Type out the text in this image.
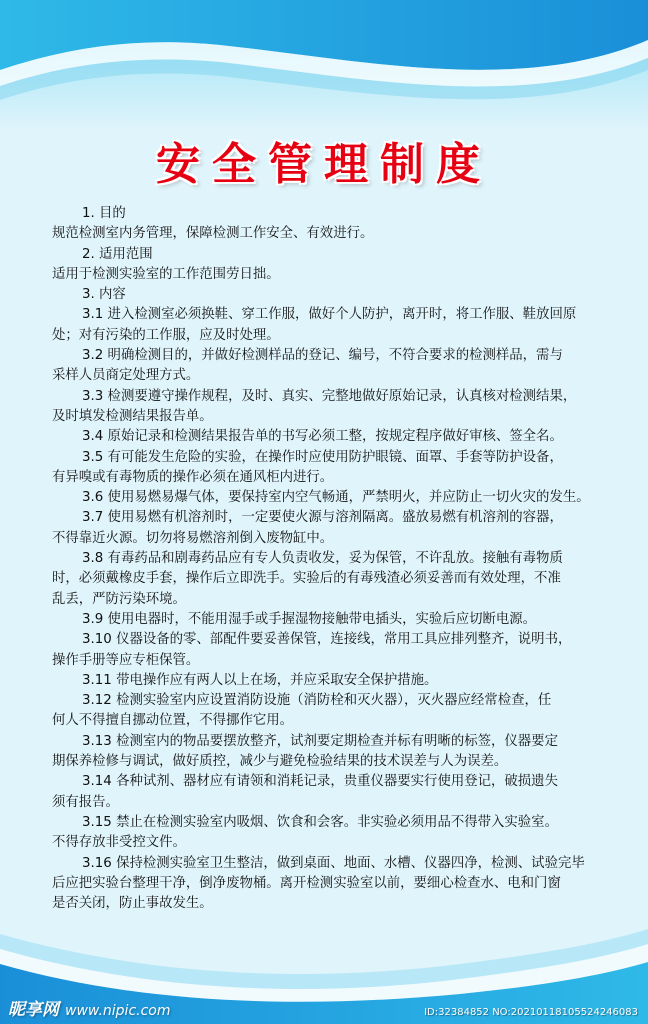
安全管理制度
1. 目的
规范检测室内务管理，保障检测工作安全、有效进行。
2. 适用范围
适用于检测实验室的工作范围劳日拙。
3. 内容
3.1 进入检测室必须换鞋、穿工作服，做好个人防护，离开时，将工作服、鞋放回原
处；对有污染的工作服，应及时处理。
3.2 明确检测目的，并做好检测样品的登记、编号，不符合要求的检测样品，需与
采样人员商定处理方式。
3.3 检测要遵守操作规程，及时、真实、完整地做好原始记录，认真核对检测结果，
及时填发检测结果报告单。
3.4 原始记录和检测结果报告单的书写必须工整，按规定程序做好审核、签全名。
3.5 有可能发生危险的实验，在操作时应使用防护眼镜、面罩、手套等防护设备，
有异嗅或有毒物质的操作必须在通风柜内进行。
3.6 使用易燃易爆气体，要保持室内空气畅通，严禁明火，并应防止一切火灾的发生。
3.7 使用易燃有机溶剂时，一定要使火源与溶剂隔离。盛放易燃有机溶剂的容器，
不得靠近火源。切勿将易燃溶剂倒入废物缸中。
3.8 有毒药品和剧毒药品应有专人负责收发，妥为保管，不许乱放。接触有毒物质
时，必须戴橡皮手套，操作后立即洗手。实验后的有毒残渣必须妥善而有效处理，不准
乱丢，严防污染环境。
3.9 使用电器时，不能用湿手或手握湿物接触带电插头，实验后应切断电源。
3.10 仪器设备的零、部配件要妥善保管，连接线，常用工具应排列整齐，说明书，
操作手册等应专柜保管。
3.11 带电操作应有两人以上在场，并应采取安全保护措施。
3.12 检测实验室内应设置消防设施（消防栓和灭火器），灭火器应经常检查，任
何人不得擅自挪动位置，不得挪作它用。
3.13 检测室内的物品要摆放整齐，试剂要定期检查并标有明晰的标签，仪器要定
期保养检修与调试，做好质控，减少与避免检验结果的技术误差与人为误差。
3.14 各种试剂、器材应有请领和消耗记录，贵重仪器要实行使用登记，破损遗失
须有报告。
3.15 禁止在检测实验室内吸烟、饮食和会客。非实验必须用品不得带入实验室。
不得存放非受控文件。
3.16 保持检测实验室卫生整洁，做到桌面、地面、水槽、仪器四净，检测、试验完毕
后应把实验台整理干净，倒净废物桶。离开检测实验室以前，要细心检查水、电和门窗
是否关闭，防止事故发生。
昵享网 www.nipic.com	ID:32384852 NO:20210118105524246083
